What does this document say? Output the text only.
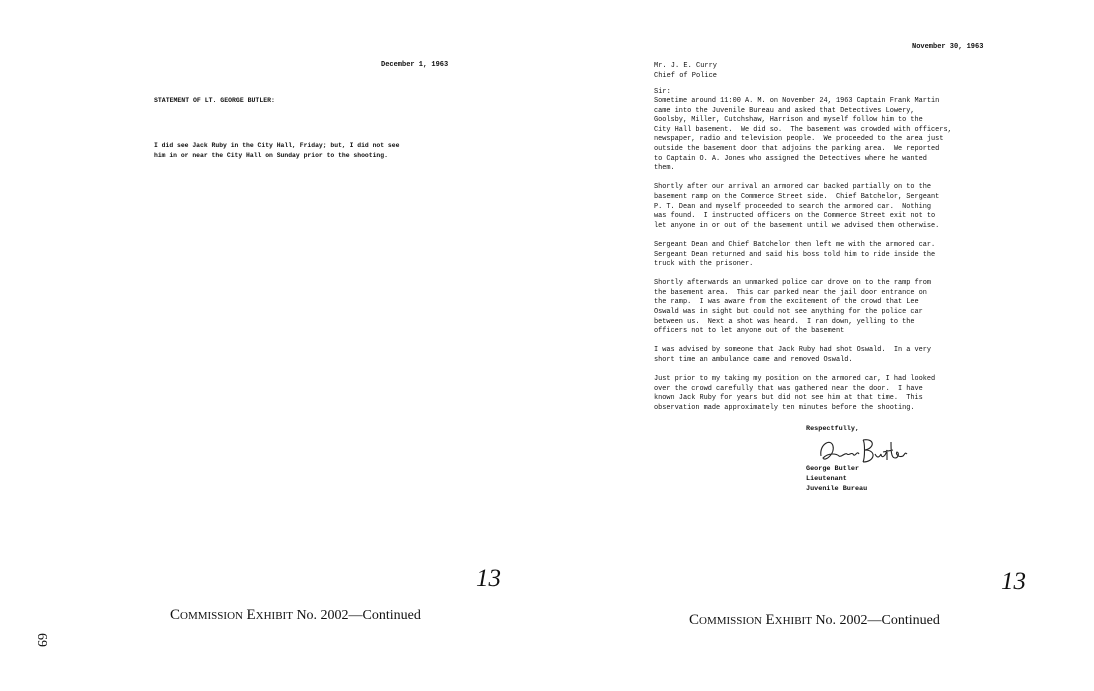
December 1, 1963
STATEMENT OF LT. GEORGE BUTLER:
I did see Jack Ruby in the City Hall, Friday; but, I did not see
him in or near the City Hall on Sunday prior to the shooting.
13
COMMISSION EXHIBIT No. 2002—Continued
69
November 30, 1963
Mr. J. E. Curry
Chief of Police
Sir:

Sometime around 11:00 A. M. on November 24, 1963 Captain Frank Martin
came into the Juvenile Bureau and asked that Detectives Lowery,
Goolsby, Miller, Cutchshaw, Harrison and myself follow him to the
City Hall basement.  We did so.  The basement was crowded with officers,
newspaper, radio and television people.  We proceeded to the area just
outside the basement door that adjoins the parking area.  We reported
to Captain O. A. Jones who assigned the Detectives where he wanted
them.

Shortly after our arrival an armored car backed partially on to the
basement ramp on the Commerce Street side.  Chief Batchelor, Sergeant
P. T. Dean and myself proceeded to search the armored car.  Nothing
was found.  I instructed officers on the Commerce Street exit not to
let anyone in or out of the basement until we advised them otherwise.

Sergeant Dean and Chief Batchelor then left me with the armored car.
Sergeant Dean returned and said his boss told him to ride inside the
truck with the prisoner.

Shortly afterwards an unmarked police car drove on to the ramp from
the basement area.  This car parked near the jail door entrance on
the ramp.  I was aware from the excitement of the crowd that Lee
Oswald was in sight but could not see anything for the police car
between us.  Next a shot was heard.  I ran down, yelling to the
officers not to let anyone out of the basement

I was advised by someone that Jack Ruby had shot Oswald.  In a very
short time an ambulance came and removed Oswald.

Just prior to my taking my position on the armored car, I had looked
over the crowd carefully that was gathered near the door.  I have
known Jack Ruby for years but did not see him at that time.  This
observation made approximately ten minutes before the shooting.

Respectfully,
George Butler
Lieutenant
Juvenile Bureau
13
COMMISSION EXHIBIT No. 2002—Continued
